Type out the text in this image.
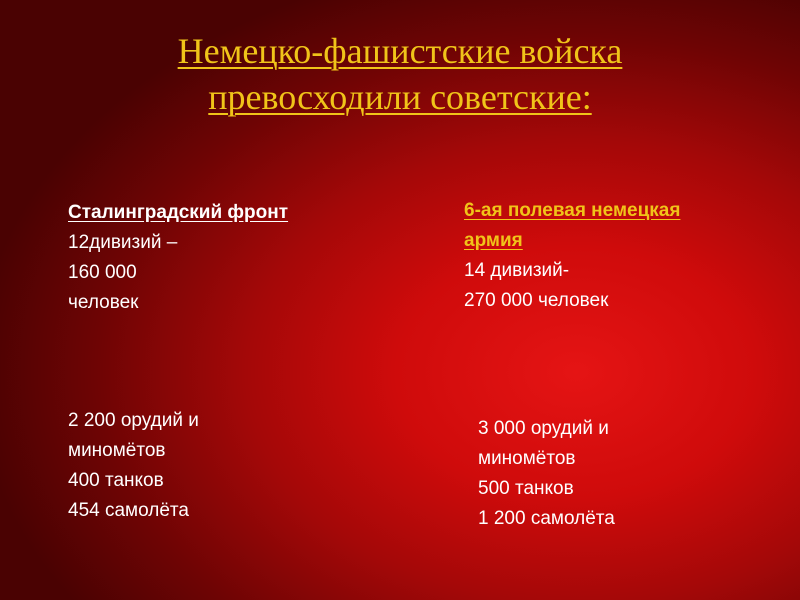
Немецко-фашистские войска
превосходили советские:
Сталинградский фронт
12дивизий –
160 000
человек
6-ая полевая немецкая
армия
14 дивизий-
270 000 человек
2 200 орудий и
миномётов
400 танков
454 самолёта
3 000 орудий и
миномётов
500 танков
1 200 самолёта
